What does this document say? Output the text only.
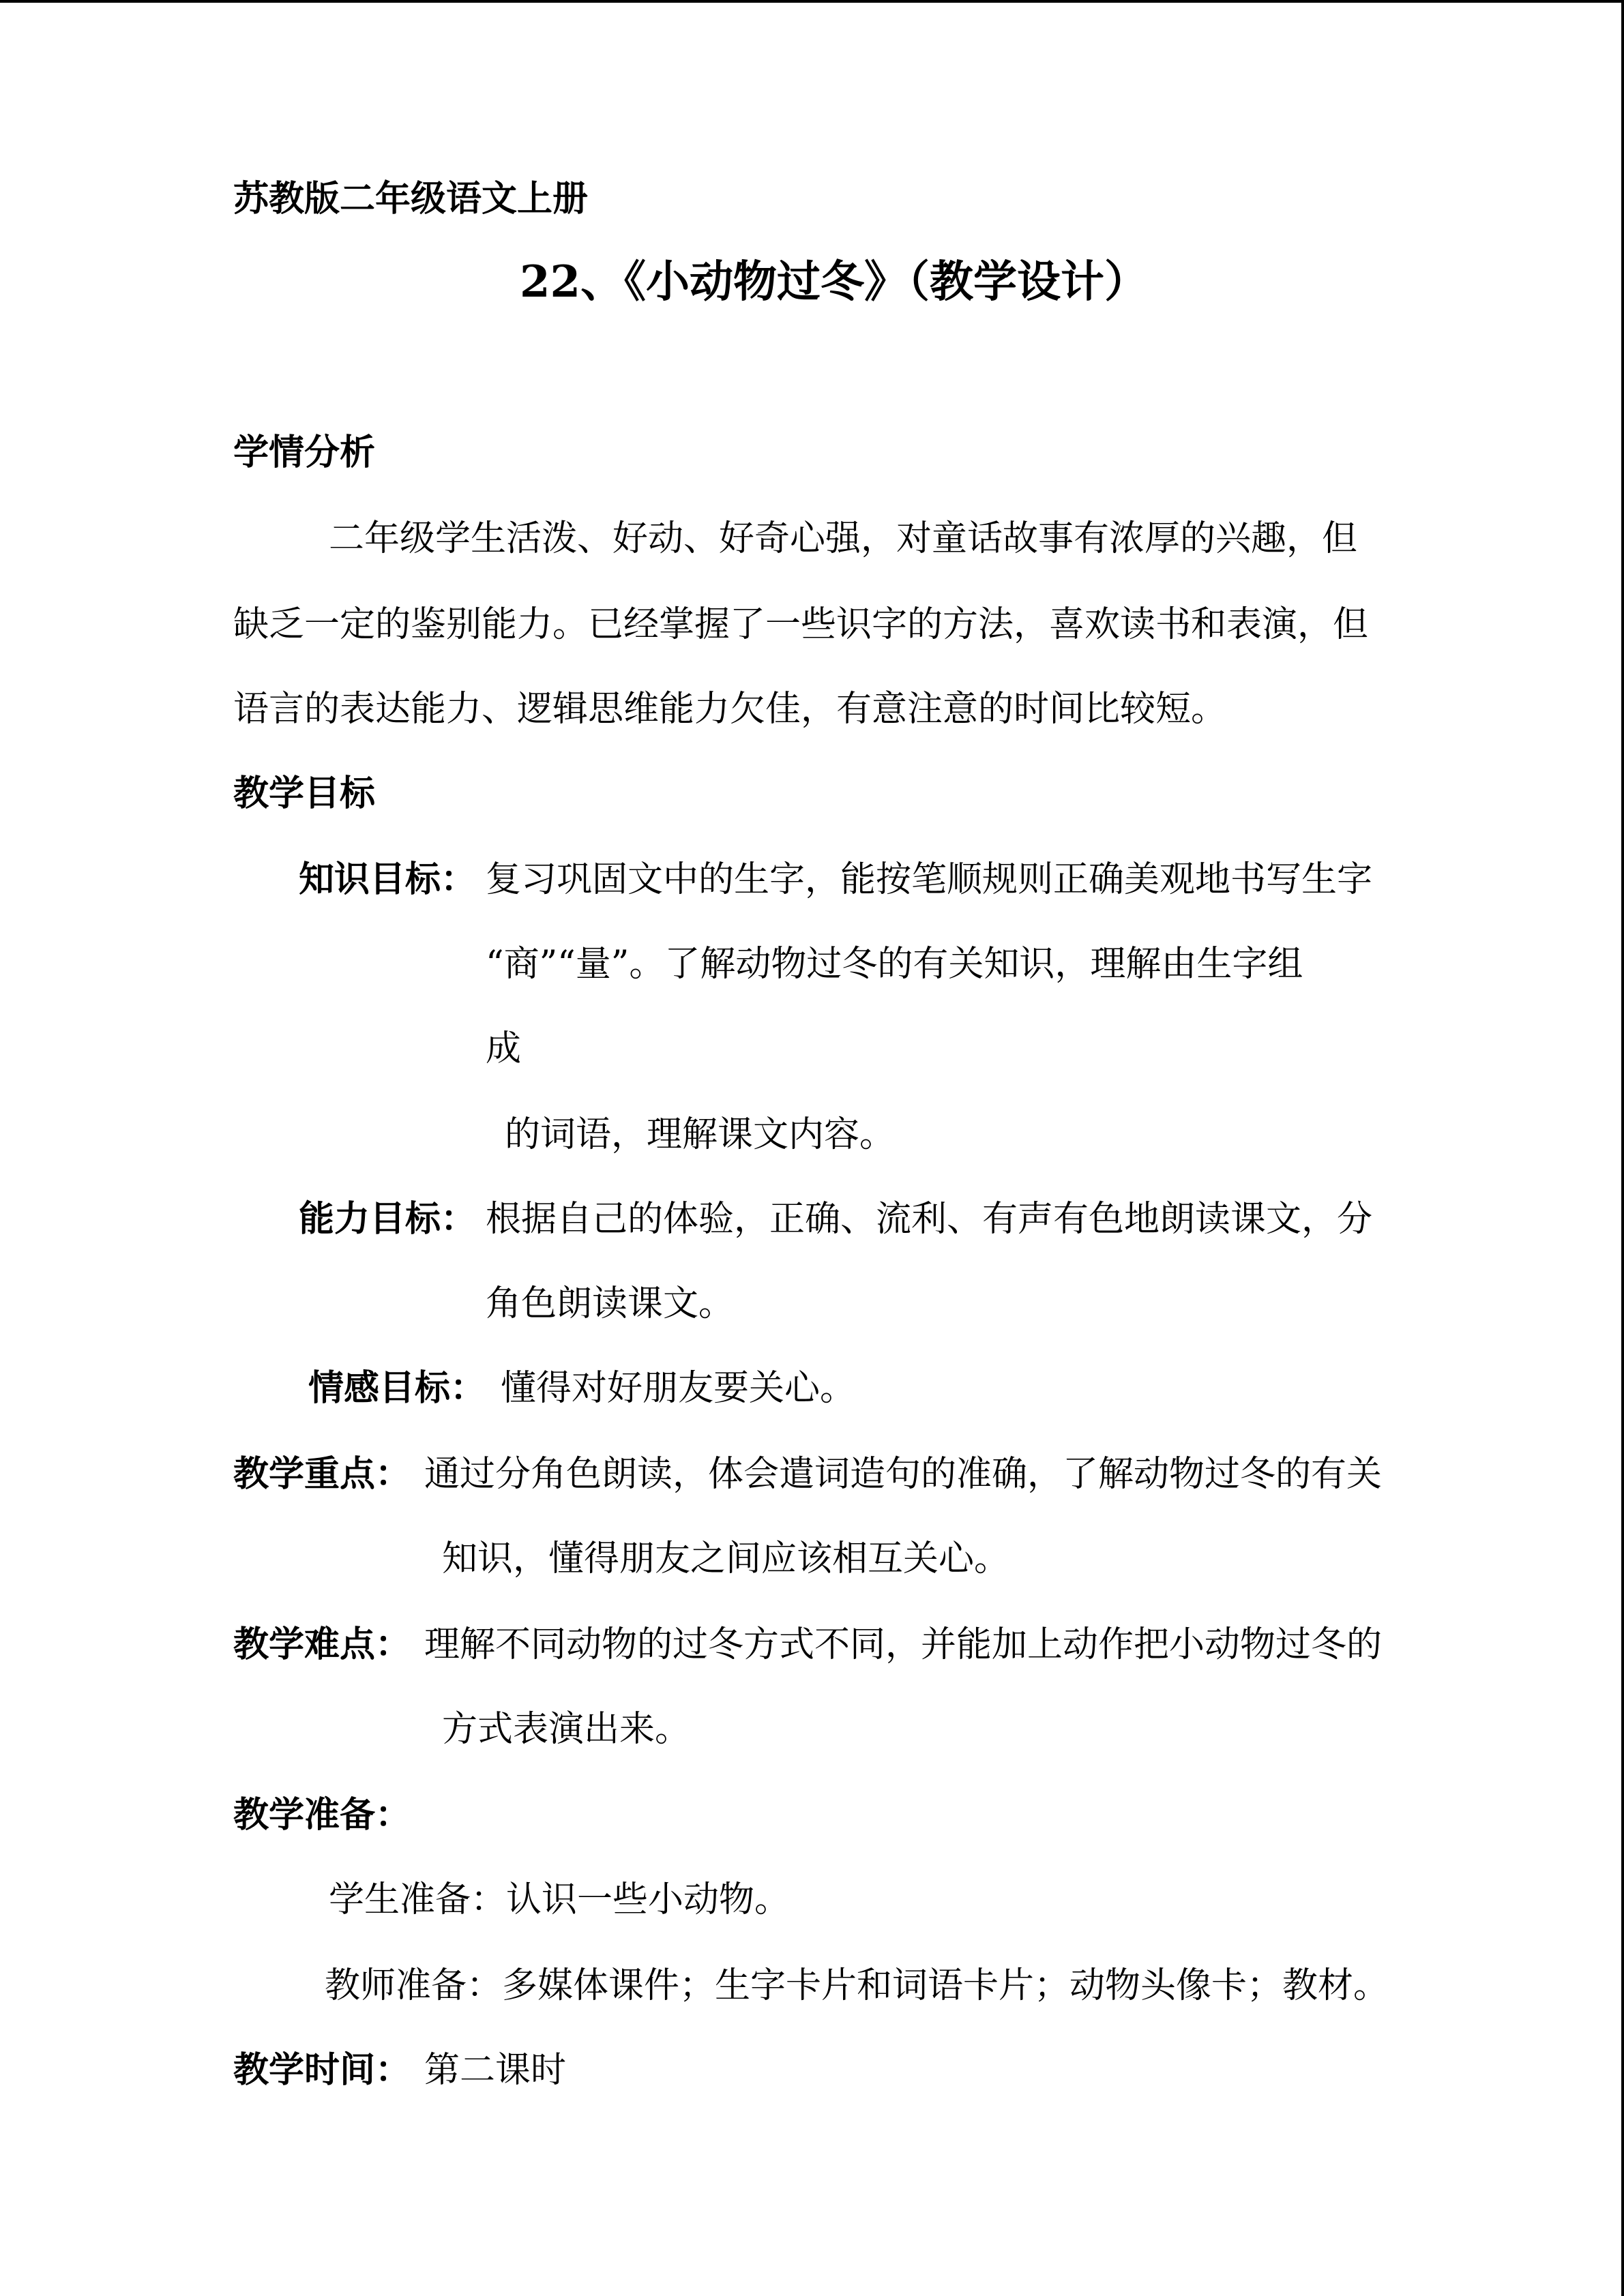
苏教版二年级语文上册
22、《小动物过冬》（教学设计）
学情分析
二年级学生活泼、好动、好奇心强，对童话故事有浓厚的兴趣，但
缺乏一定的鉴别能力。已经掌握了一些识字的方法，喜欢读书和表演，但
语言的表达能力、逻辑思维能力欠佳，有意注意的时间比较短。
教学目标
知识目标： 复习巩固文中的生字，能按笔顺规则正确美观地书写生字
“商”“量”。了解动物过冬的有关知识，理解由生字组
成
的词语，理解课文内容。
能力目标： 根据自己的体验，正确、流利、有声有色地朗读课文，分
角色朗读课文。
情感目标： 懂得对好朋友要关心。
教学重点： 通过分角色朗读，体会遣词造句的准确，了解动物过冬的有关
知识，懂得朋友之间应该相互关心。
教学难点： 理解不同动物的过冬方式不同，并能加上动作把小动物过冬的
方式表演出来。
教学准备：
学生准备：认识一些小动物。
教师准备：多媒体课件；生字卡片和词语卡片；动物头像卡；教材。
教学时间： 第二课时
